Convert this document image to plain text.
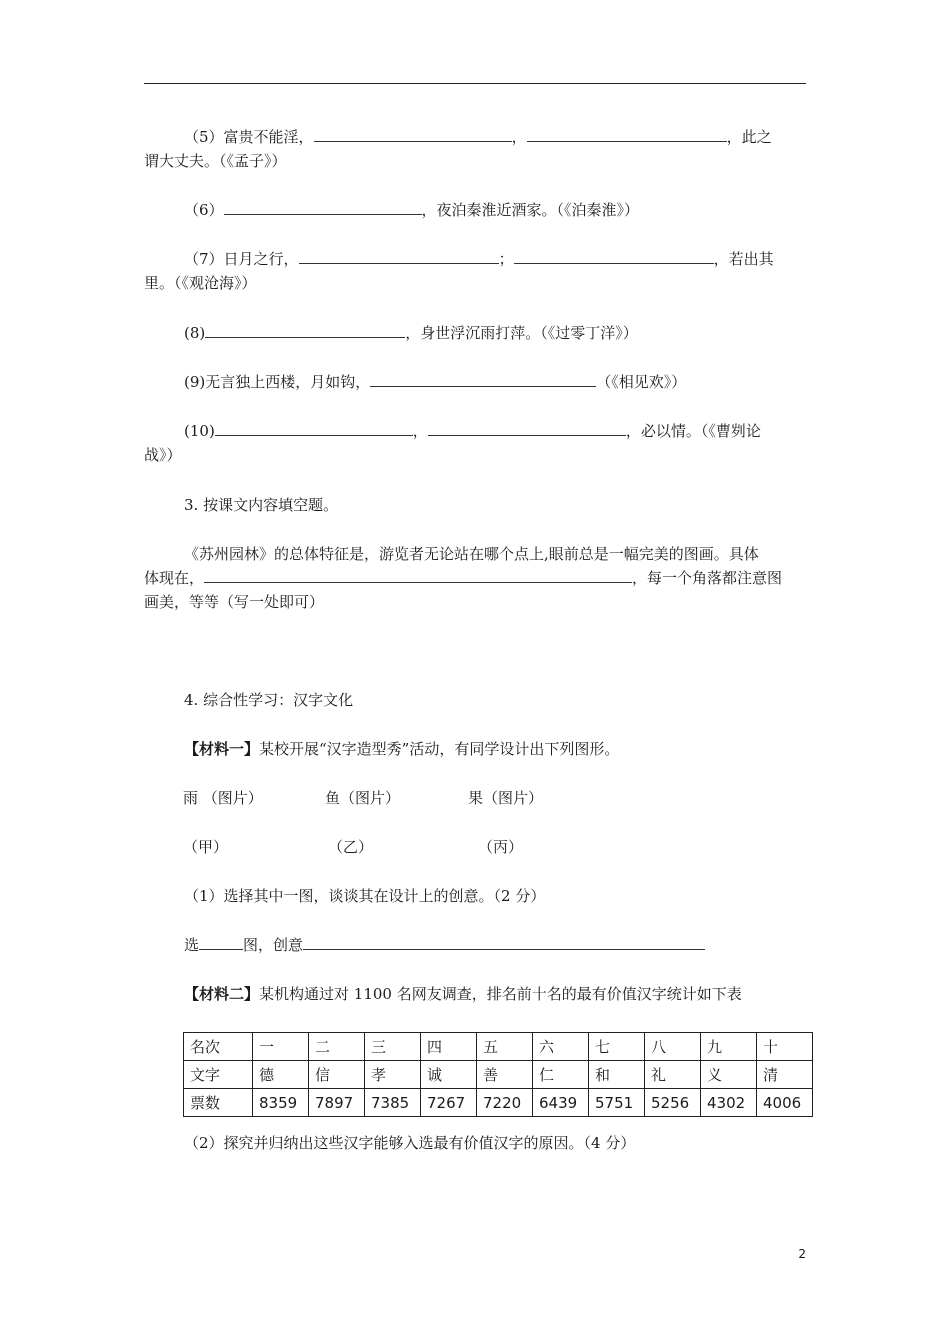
（5）富贵不能淫，	，	，此之
谓大丈夫。（《孟子》）
（6）	，夜泊秦淮近酒家。（《泊秦淮》）
（7）日月之行，	；	，若出其
里。（《观沧海》）
(8)	，身世浮沉雨打萍。（《过零丁洋》）
(9)无言独上西楼，月如钩，	（《相见欢》）
(10)	，	，必以情。（《曹刿论
战》）
3. 按课文内容填空题。
《苏州园林》的总体特征是，游览者无论站在哪个点上,眼前总是一幅完美的图画。具体
体现在，	，每一个角落都注意图
画美，等等（写一处即可）
4. 综合性学习：汉字文化
【材料一】某校开展“汉字造型秀”活动，有同学设计出下列图形。
雨 （图片）	鱼（图片）	果（图片）
（甲）	（乙）	（丙）
（1）选择其中一图，谈谈其在设计上的创意。（2 分）
选	图，创意
【材料二】某机构通过对 1100 名网友调查，排名前十名的最有价值汉字统计如下表
名次	一	二	三	四	五	六	七	八	九	十
文字	德	信	孝	诚	善	仁	和	礼	义	清
票数	8359	7897	7385	7267	7220	6439	5751	5256	4302	4006
（2）探究并归纳出这些汉字能够入选最有价值汉字的原因。（4 分）
2
